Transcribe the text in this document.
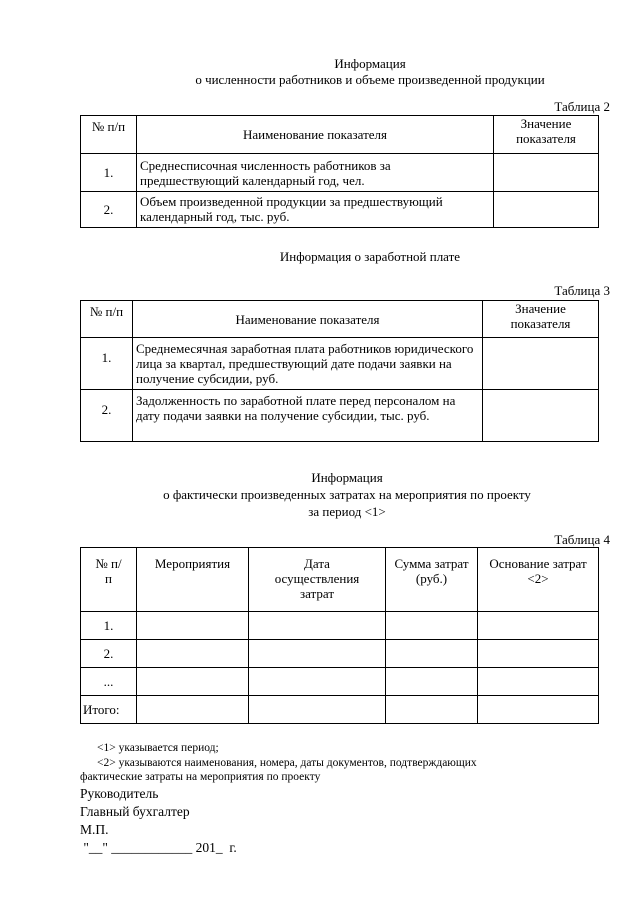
Информация
о численности работников и объеме произведенной продукции
Таблица 2
№ п/п	Наименование показателя	Значение показателя
1.	Среднесписочная численность работников за предшествующий календарный год, чел.	
2.	Объем произведенной продукции за предшествующий календарный год, тыс. руб.	
Информация о заработной плате
Таблица 3
№ п/п	Наименование показателя	Значение показателя
1.	Среднемесячная заработная плата работников юридического лица за квартал, предшествующий дате подачи заявки на получение субсидии, руб.	
2.	Задолженность по заработной плате перед персоналом на дату подачи заявки на получение субсидии, тыс. руб.	
Информация
о фактически произведенных затратах на мероприятия по проекту
за период <1>
Таблица 4
№ п/п	Мероприятия	Дата осуществления затрат	Сумма затрат (руб.)	Основание затрат <2>
1.				
2.				
...				
Итого:				
<1> указывается период;
<2> указываются наименования, номера, даты документов, подтверждающих
фактические затраты на мероприятия по проекту
Руководитель
Главный бухгалтер
М.П.
"__" ____________ 201_  г.
